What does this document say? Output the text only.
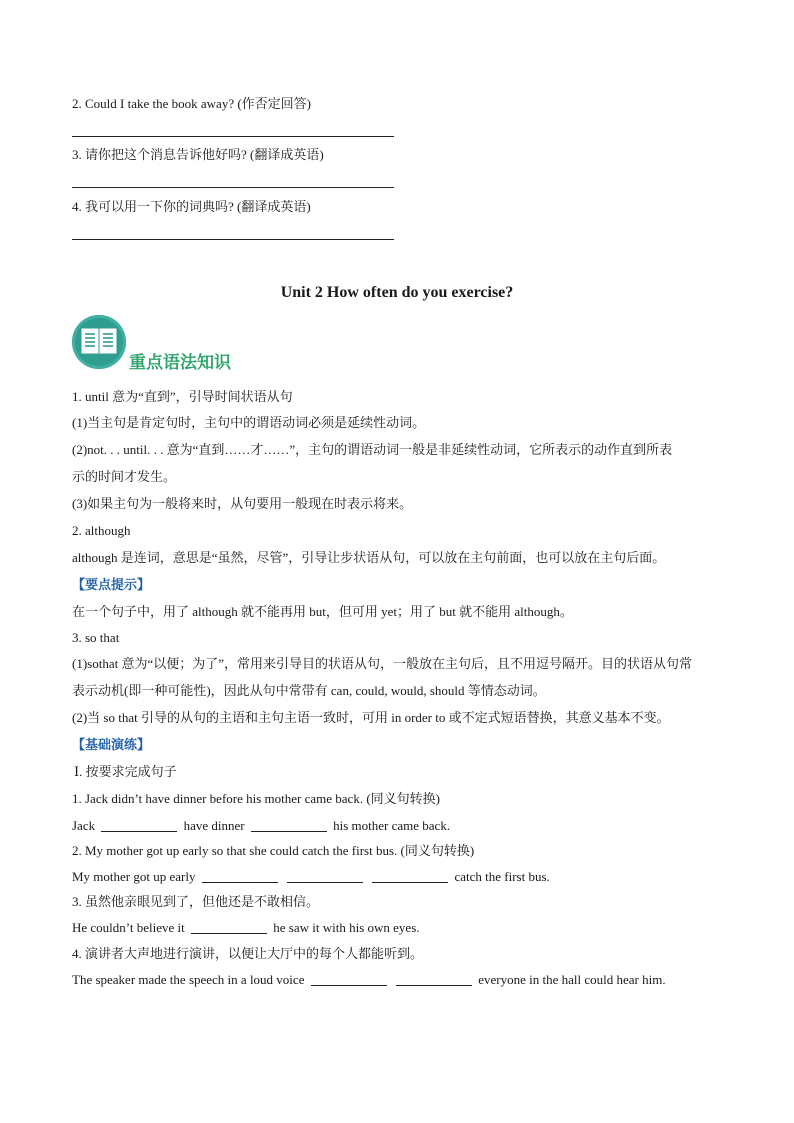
2. Could I take the book away? (作否定回答)
3. 请你把这个消息告诉他好吗? (翻译成英语)
4. 我可以用一下你的词典吗? (翻译成英语)
Unit 2 How often do you exercise?
重点语法知识
1. until 意为“直到”，引导时间状语从句
(1)当主句是肯定句时，主句中的谓语动词必须是延续性动词。
(2)not. . . until. . . 意为“直到……才……”，主句的谓语动词一般是非延续性动词，它所表示的动作直到所表
示的时间才发生。
(3)如果主句为一般将来时，从句要用一般现在时表示将来。
2. although
although 是连词，意思是“虽然，尽管”，引导让步状语从句，可以放在主句前面，也可以放在主句后面。
【要点提示】
在一个句子中，用了 although 就不能再用 but，但可用 yet；用了 but 就不能用 although。
3. so that
(1)sothat 意为“以便；为了”，常用来引导目的状语从句，一般放在主句后，且不用逗号隔开。目的状语从句常
表示动机(即一种可能性)，因此从句中常带有 can, could, would, should 等情态动词。
(2)当 so that 引导的从句的主语和主句主语一致时，可用 in order to 或不定式短语替换，其意义基本不变。
【基础演练】
Ⅰ. 按要求完成句子
1. Jack didn’t have dinner before his mother came back. (同义句转换)
Jack	have dinner	his mother came back.
2. My mother got up early so that she could catch the first bus. (同义句转换)
My mother got up early	catch the first bus.
3. 虽然他亲眼见到了，但他还是不敢相信。
He couldn’t believe it	he saw it with his own eyes.
4. 演讲者大声地进行演讲，以便让大厅中的每个人都能听到。
The speaker made the speech in a loud voice	everyone in the hall could hear him.
